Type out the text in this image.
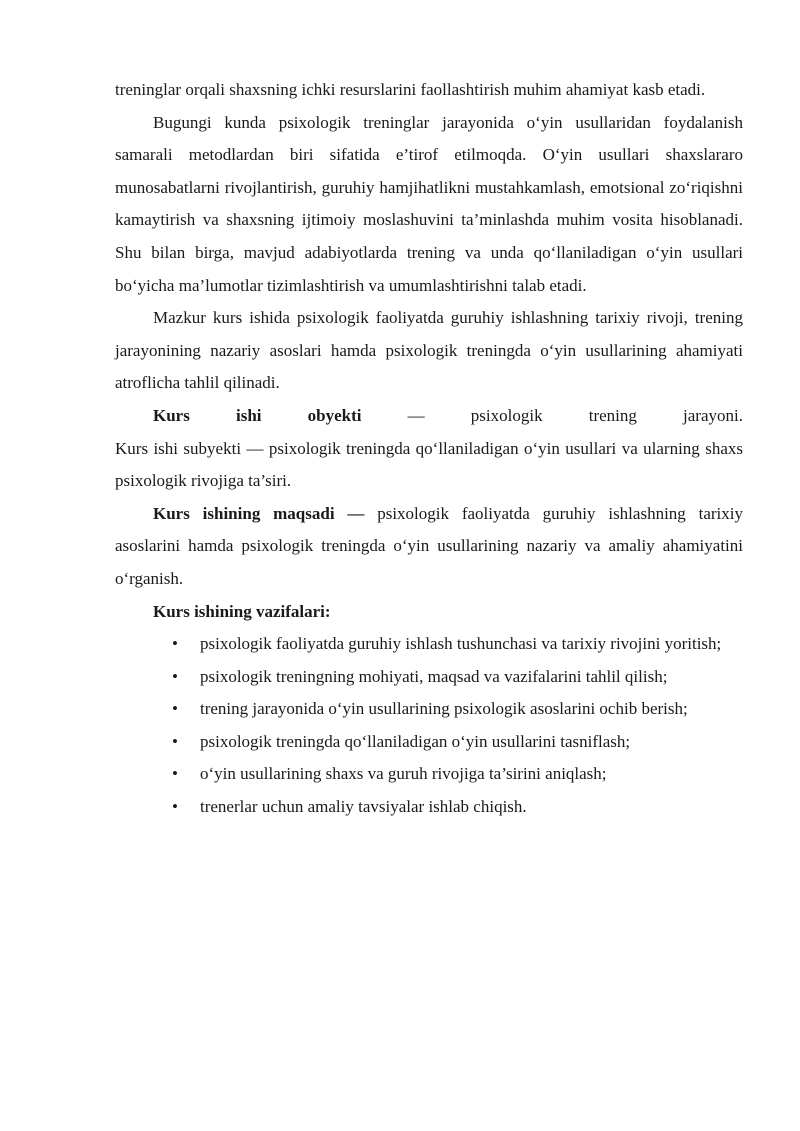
treninglar orqali shaxsning ichki resurslarini faollashtirish muhim ahamiyat kasb etadi.

Bugungi kunda psixologik treninglar jarayonida o‘yin usullaridan foydalanish samarali metodlardan biri sifatida e’tirof etilmoqda. O‘yin usullari shaxslararo munosabatlarni rivojlantirish, guruhiy hamjihatlikni mustahkamlash, emotsional zo‘riqishni kamaytirish va shaxsning ijtimoiy moslashuvini ta’minlashda muhim vosita hisoblanadi. Shu bilan birga, mavjud adabiyotlarda trening va unda qo‘llaniladigan o‘yin usullari bo‘yicha ma’lumotlar tizimlashtirish va umumlashtirishni talab etadi.

Mazkur kurs ishida psixologik faoliyatda guruhiy ishlashning tarixiy rivoji, trening jarayonining nazariy asoslari hamda psixologik treningda o‘yin usullarining ahamiyati atroflicha tahlil qilinadi.

Kurs	ishi	obyekti	—	psixologik	trening	jarayoni.

Kurs ishi subyekti — psixologik treningda qo‘llaniladigan o‘yin usullari va ularning shaxs psixologik rivojiga ta’siri.

Kurs ishining maqsadi — psixologik faoliyatda guruhiy ishlashning tarixiy asoslarini hamda psixologik treningda o‘yin usullarining nazariy va amaliy ahamiyatini o‘rganish.

Kurs ishining vazifalari:
• psixologik faoliyatda guruhiy ishlash tushunchasi va tarixiy rivojini yoritish;
• psixologik treningning mohiyati, maqsad va vazifalarini tahlil qilish;
• trening jarayonida o‘yin usullarining psixologik asoslarini ochib berish;
• psixologik treningda qo‘llaniladigan o‘yin usullarini tasniflash;
• o‘yin usullarining shaxs va guruh rivojiga ta’sirini aniqlash;
• trenerlar uchun amaliy tavsiyalar ishlab chiqish.
